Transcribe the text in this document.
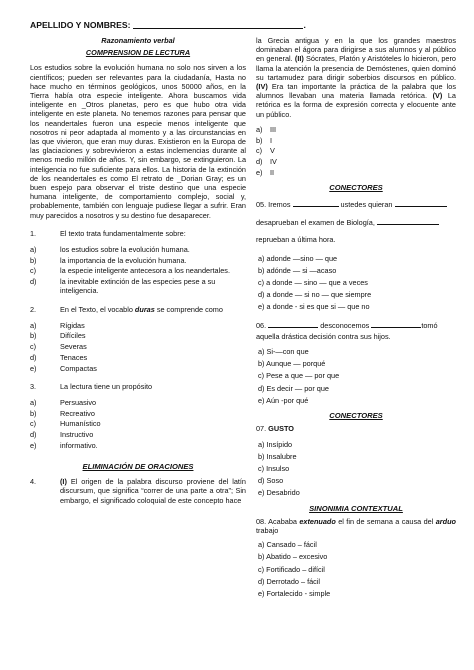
APELLIDO Y NOMBRES:	.
Razonamiento verbal
COMPRENSION DE LECTURA

Los estudios sobre la evolución humana no solo nos sirven a los científicos; pueden ser relevantes para la ciudadanía, Hasta no hace mucho en términos geológicos, unos 50000 años, en la Tierra había otra especie inteligente. Ahora buscamos vida inteligente en _Otros planetas, pero es que hubo otra vida inteligente en este planeta. No tenemos razones para pensar que los neandertales fueron una especie menos inteligente que nosotros ni peor adaptada al momento y a las circunstancias en las que vivieron, que eran muy duras. Existieron en la Europa de las glaciaciones y sobrevivieron a estas inclemencias durante al menos medio millón de años. Y, sin embargo, se extinguieron. La inteligencia no fue suficiente para ellos. La historia de la extinción de los neandertales es como El retrato de _Dorian Gray; es un buen espejo para observar el triste destino que una especie humana inteligente, de comportamiento complejo, social y, probablemente, también con lenguaje pudiese llegar a sufrir. Eran muy parecidos a nosotros y su destino fue desaparecer.

1.	El texto trata fundamentalmente sobre:
a)	los estudios sobre la evolución humana.
b)	la importancia de la evolución humana.
c)	la especie inteligente antecesora a los neandertales.
d)	la inevitable extinción de las especies pese a su inteligencia.
2.	En el Texto, el vocablo duras se comprende como
a)	Rígidas
b)	Difíciles
c)	Severas
d)	Tenaces
e)	Compactas
3.	La lectura tiene un propósito
a)	Persuasivo
b)	Recreativo
c)	Humanístico
d)	Instructivo
e)	informativo.
ELIMINACIÓN DE ORACIONES
4.	(I) El origen de la palabra discurso proviene del latín discursum, que significa “correr de una parte a otra”; Sin embargo, el significado coloquial de este concepto hace

la Grecia antigua y en la que los grandes maestros dominaban el ágora para dirigirse a sus alumnos y al público en general. (II) Sócrates, Platón y Aristóteles lo hicieron, pero llama la atención la presencia de Demóstenes, quien dominó su tartamudez para dirigir soberbios discursos en público. (IV) Era tan importante la práctica de la palabra que los alumnos llevaban una materia llamada retórica. (V) La retórica es la forma de expresión correcta y elocuente ante un público.

a)	III
b)	I
c)	V
d)	IV
e)	II
CONECTORES
05. Iremos	ustedes quieran
desaprueban el examen de Biología,
reprueban a última hora.
a) adonde —sino — que
b) adónde — si —acaso
c) a donde — sino — que a veces
d) a donde — si no — que siempre
e) a donde - si es que si — que no
06.	desconocemos	tomó
aquella drástica decisión contra sus hijos.
a) Si-—con que
b) Aunque — porqué
c) Pese a que — por que
d) Es decir — por que
e) Aún -por qué
CONECTORES
07. GUSTO
a) Insípido
b) Insalubre
c) Insulso
d) Soso
e) Desabrido
SINONIMIA CONTEXTUAL
08. Acababa extenuado el fin de semana a causa del arduo trabajo
a) Cansado – fácil
b) Abatido – excesivo
c) Fortificado – difícil
d) Derrotado – fácil
e) Fortalecido - simple
